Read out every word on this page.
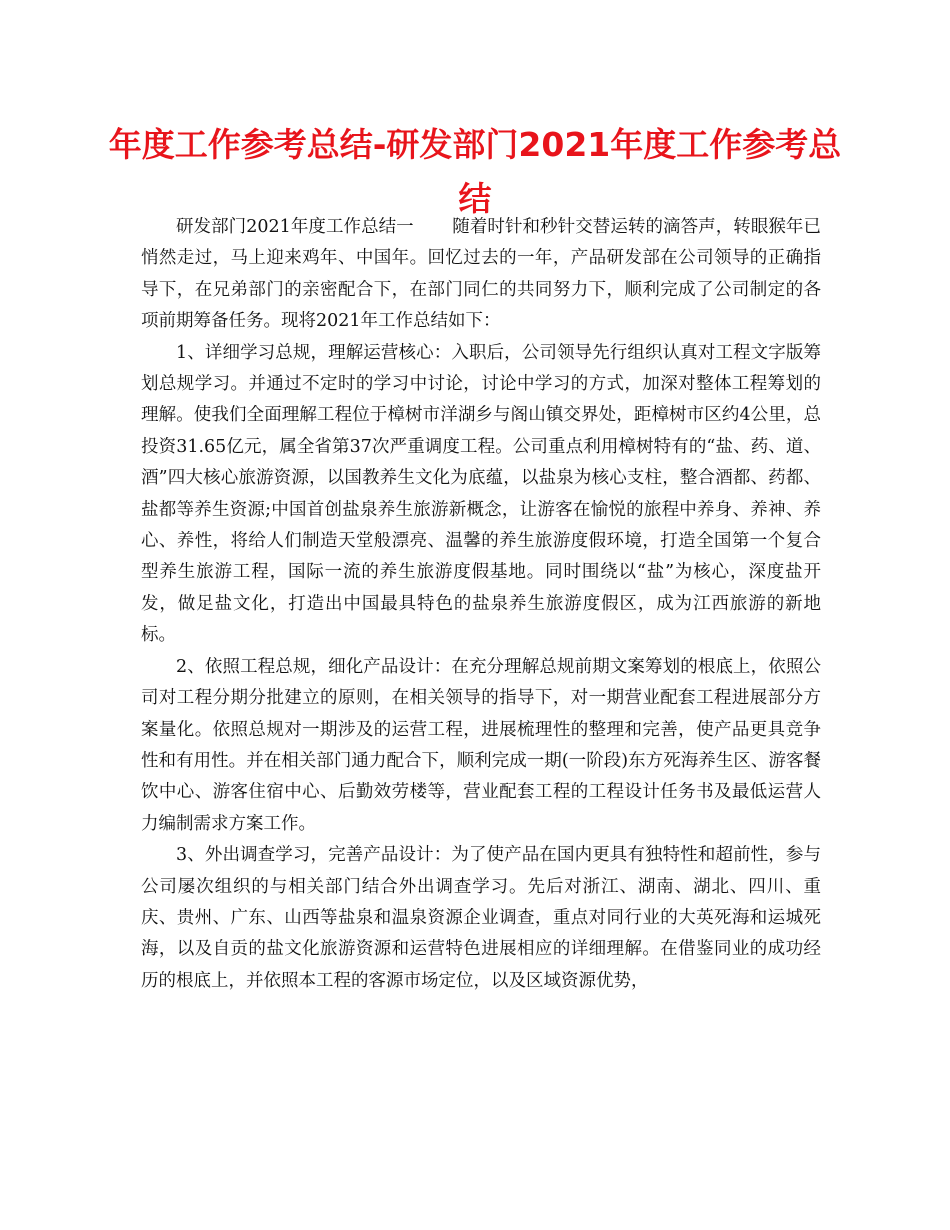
年度工作参考总结-研发部门2021年度工作参考总结

研发部门2021年度工作总结一 随着时针和秒针交替运转的滴答声，转眼猴年已悄然走过，马上迎来鸡年、中国年。回忆过去的一年，产品研发部在公司领导的正确指导下，在兄弟部门的亲密配合下，在部门同仁的共同努力下，顺利完成了公司制定的各项前期筹备任务。现将2021年工作总结如下：

1、详细学习总规，理解运营核心：入职后，公司领导先行组织认真对工程文字版筹划总规学习。并通过不定时的学习中讨论，讨论中学习的方式，加深对整体工程筹划的理解。使我们全面理解工程位于樟树市洋湖乡与阁山镇交界处，距樟树市区约4公里，总投资31.65亿元，属全省第37次严重调度工程。公司重点利用樟树特有的“盐、药、道、酒”四大核心旅游资源，以国教养生文化为底蕴，以盐泉为核心支柱，整合酒都、药都、盐都等养生资源;中国首创盐泉养生旅游新概念，让游客在愉悦的旅程中养身、养神、养心、养性，将给人们制造天堂般漂亮、温馨的养生旅游度假环境，打造全国第一个复合型养生旅游工程，国际一流的养生旅游度假基地。同时围绕以“盐”为核心，深度盐开发，做足盐文化，打造出中国最具特色的盐泉养生旅游度假区，成为江西旅游的新地标。

2、依照工程总规，细化产品设计：在充分理解总规前期文案筹划的根底上，依照公司对工程分期分批建立的原则，在相关领导的指导下，对一期营业配套工程进展部分方案量化。依照总规对一期涉及的运营工程，进展梳理性的整理和完善，使产品更具竞争性和有用性。并在相关部门通力配合下，顺利完成一期(一阶段)东方死海养生区、游客餐饮中心、游客住宿中心、后勤效劳楼等，营业配套工程的工程设计任务书及最低运营人力编制需求方案工作。

3、外出调查学习，完善产品设计：为了使产品在国内更具有独特性和超前性，参与公司屡次组织的与相关部门结合外出调查学习。先后对浙江、湖南、湖北、四川、重庆、贵州、广东、山西等盐泉和温泉资源企业调查，重点对同行业的大英死海和运城死海，以及自贡的盐文化旅游资源和运营特色进展相应的详细理解。在借鉴同业的成功经历的根底上，并依照本工程的客源市场定位，以及区域资源优势，
